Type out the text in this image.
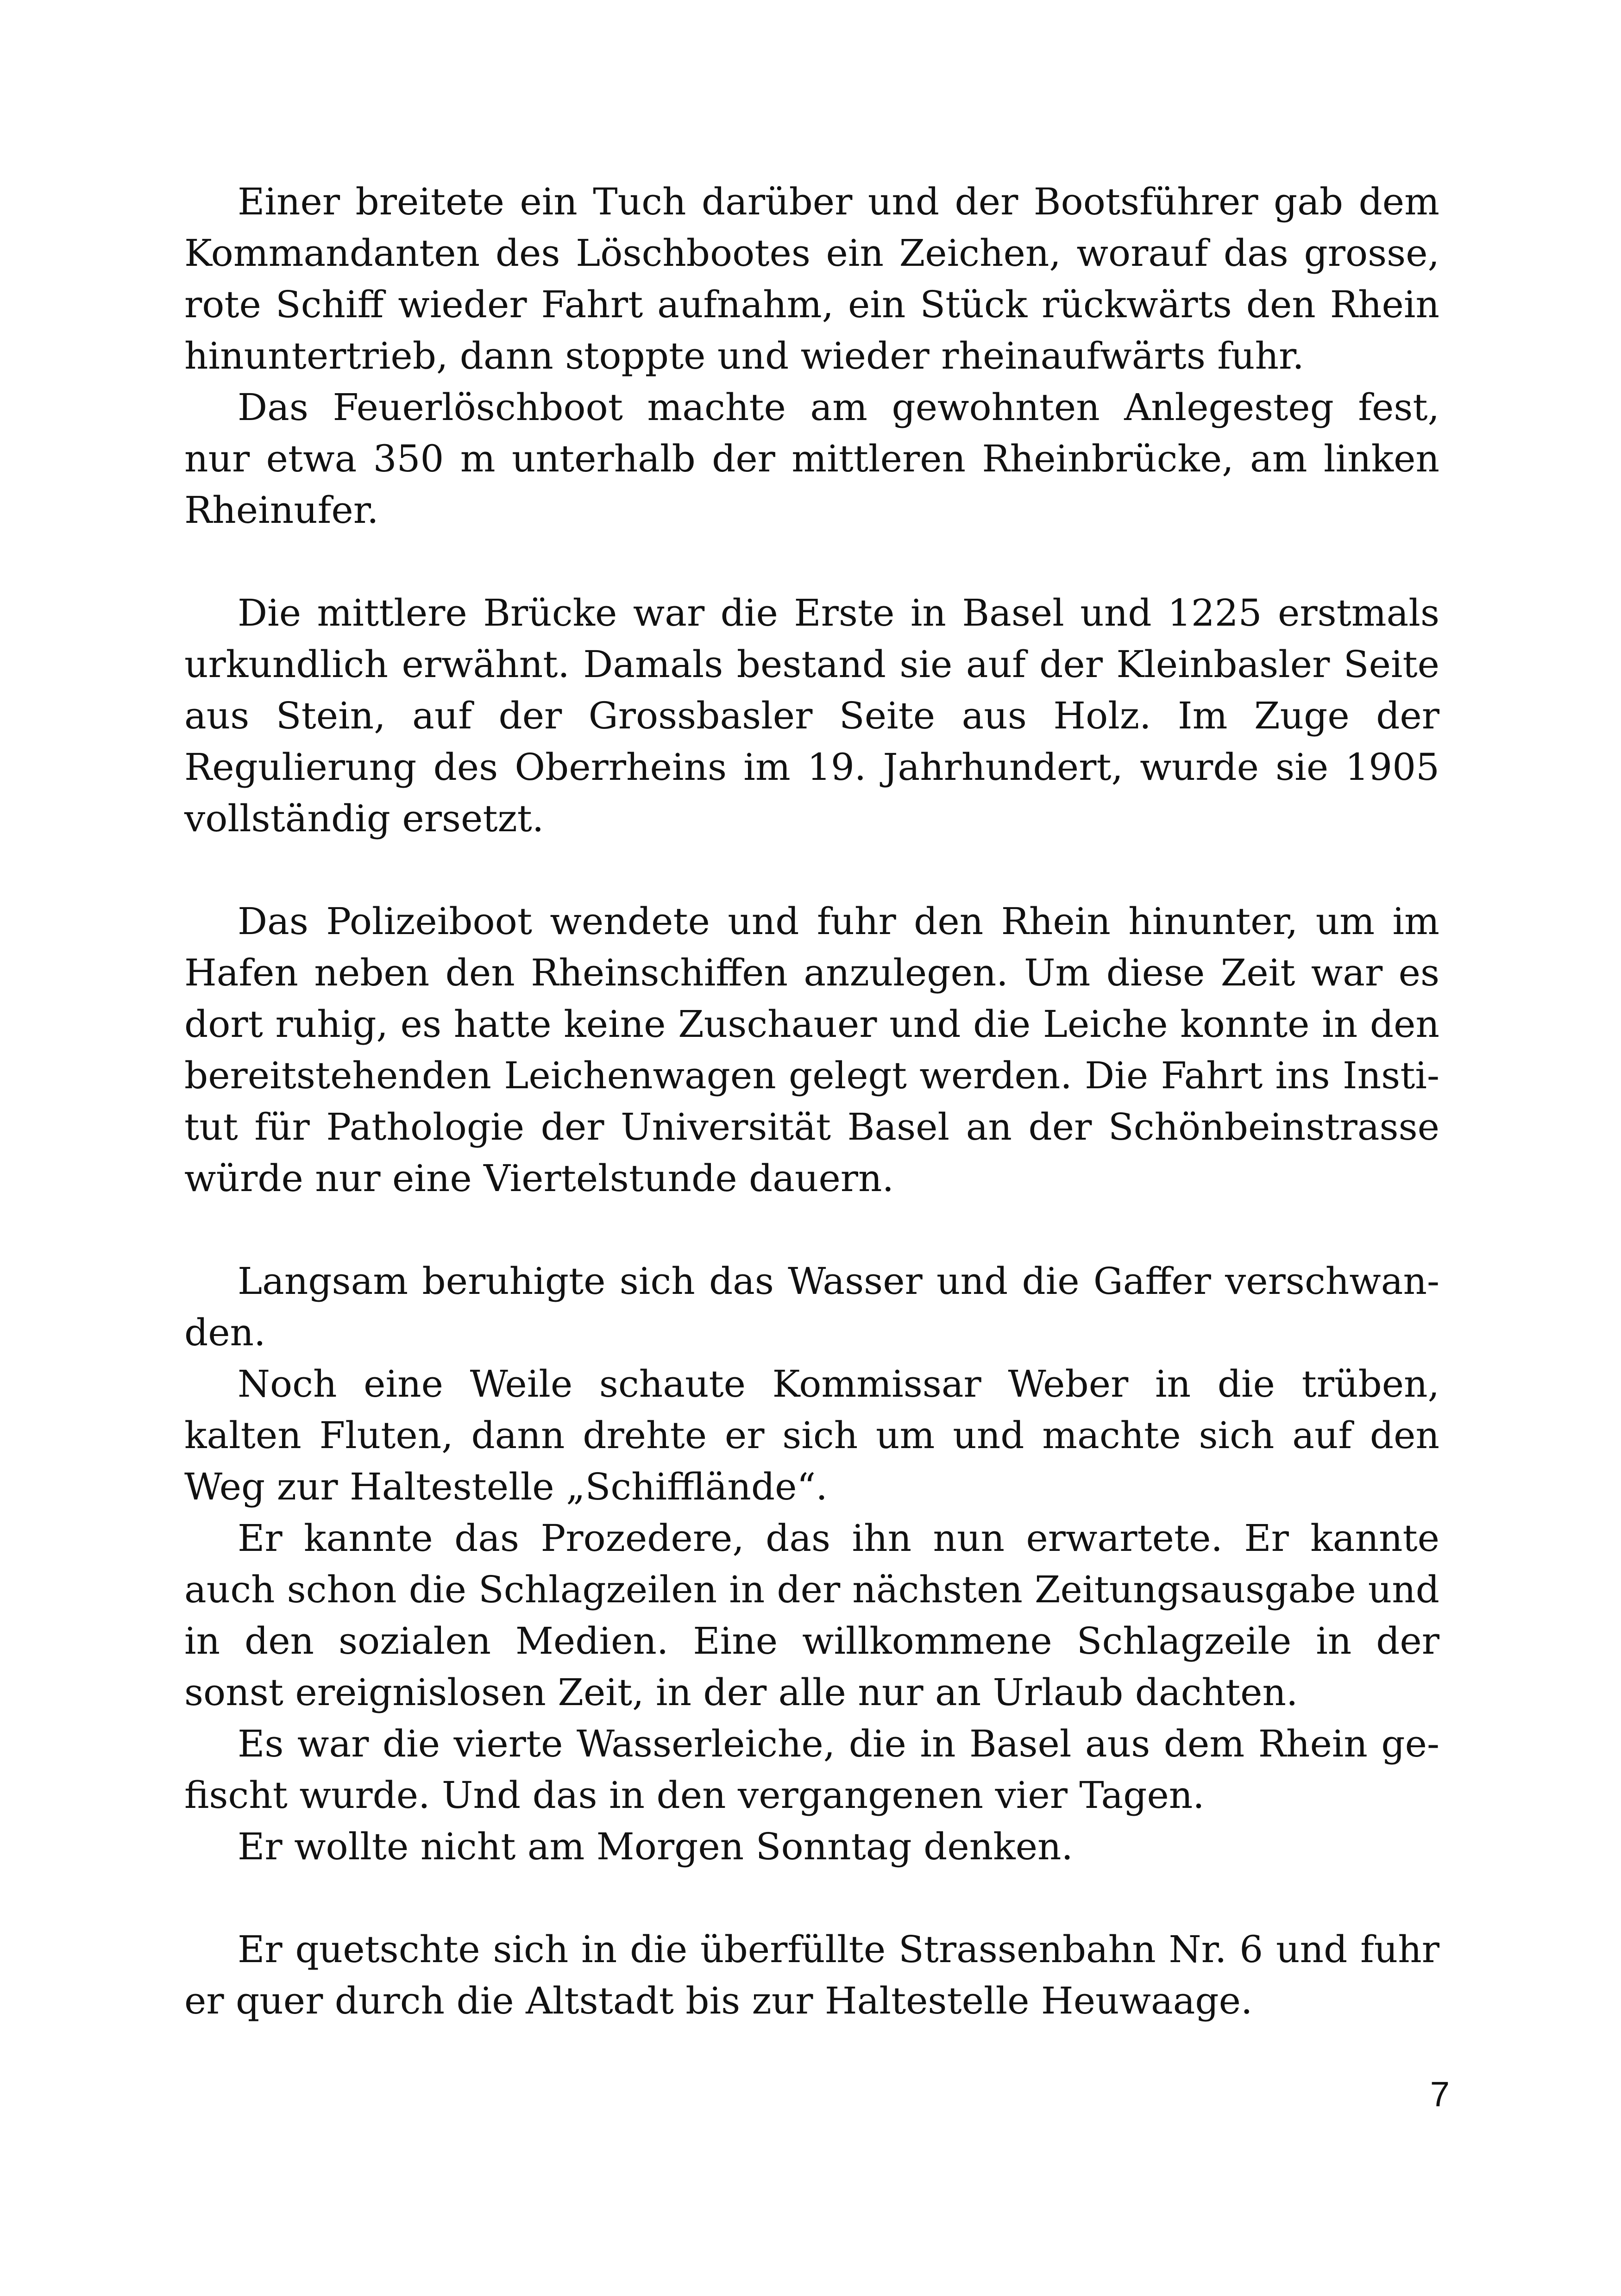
Einer breitete ein Tuch darüber und der Bootsführer gab dem Kommandanten des Löschbootes ein Zeichen, worauf das grosse, rote Schiff wieder Fahrt aufnahm, ein Stück rückwärts den Rhein hinuntertrieb, dann stoppte und wieder rheinaufwärts fuhr.

Das Feuerlöschboot machte am gewohnten Anlegesteg fest, nur etwa 350 m unterhalb der mittleren Rheinbrücke, am linken Rheinufer.

Die mittlere Brücke war die Erste in Basel und 1225 erstmals urkundlich erwähnt. Damals bestand sie auf der Kleinbasler Seite aus Stein, auf der Grossbasler Seite aus Holz. Im Zuge der Regulierung des Oberrheins im 19. Jahrhundert, wurde sie 1905 vollständig ersetzt.

Das Polizeiboot wendete und fuhr den Rhein hinunter, um im Hafen neben den Rheinschiffen anzulegen. Um diese Zeit war es dort ruhig, es hatte keine Zuschauer und die Leiche konnte in den bereitstehenden Leichenwagen gelegt werden. Die Fahrt ins Institut für Pathologie der Universität Basel an der Schönbeinstrasse würde nur eine Viertelstunde dauern.

Langsam beruhigte sich das Wasser und die Gaffer verschwanden.

Noch eine Weile schaute Kommissar Weber in die trüben, kalten Fluten, dann drehte er sich um und machte sich auf den Weg zur Haltestelle „Schifflände“.

Er kannte das Prozedere, das ihn nun erwartete. Er kannte auch schon die Schlagzeilen in der nächsten Zeitungsausgabe und in den sozialen Medien. Eine willkommene Schlagzeile in der sonst ereignislosen Zeit, in der alle nur an Urlaub dachten.

Es war die vierte Wasserleiche, die in Basel aus dem Rhein gefischt wurde. Und das in den vergangenen vier Tagen.

Er wollte nicht am Morgen Sonntag denken.

Er quetschte sich in die überfüllte Strassenbahn Nr. 6 und fuhr er quer durch die Altstadt bis zur Haltestelle Heuwaage.

7
